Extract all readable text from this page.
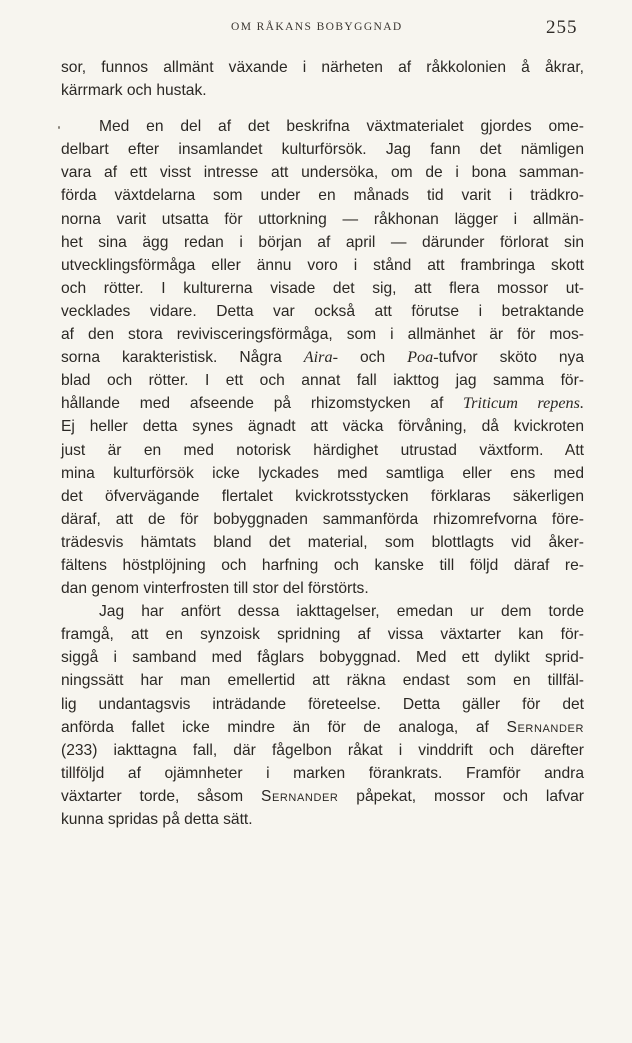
OM RÅKANS BOBYGGNAD	255

sor, funnos allmänt växande i närheten af råkkolonien å åkrar,
kärrmark och hustak.

Med en del af det beskrifna växtmaterialet gjordes ome-
delbart efter insamlandet kulturförsök. Jag fann det nämligen
vara af ett visst intresse att undersöka, om de i bona samman-
förda växtdelarna som under en månads tid varit i trädkro-
norna varit utsatta för uttorkning — råkhonan lägger i allmän-
het sina ägg redan i början af april — därunder förlorat sin
utvecklingsförmåga eller ännu voro i stånd att frambringa skott
och rötter. I kulturerna visade det sig, att flera mossor ut-
vecklades vidare. Detta var också att förutse i betraktande
af den stora revivisceringsförmåga, som i allmänhet är för mos-
sorna karakteristisk. Några Aira- och Poa-tufvor sköto nya
blad och rötter. I ett och annat fall iakttog jag samma för-
hållande med afseende på rhizomstycken af Triticum repens.
Ej heller detta synes ägnadt att väcka förvåning, då kvickroten
just är en med notorisk härdighet utrustad växtform. Att
mina kulturförsök icke lyckades med samtliga eller ens med
det öfvervägande flertalet kvickrotsstycken förklaras säkerligen
däraf, att de för bobyggnaden sammanförda rhizomrefvorna före-
trädesvis hämtats bland det material, som blottlagts vid åker-
fältens höstplöjning och harfning och kanske till följd däraf re-
dan genom vinterfrosten till stor del förstörts.

Jag har anfört dessa iakttagelser, emedan ur dem torde
framgå, att en synzoisk spridning af vissa växtarter kan för-
siggå i samband med fåglars bobyggnad. Med ett dylikt sprid-
ningssätt har man emellertid att räkna endast som en tillfäl-
lig undantagsvis inträdande företeelse. Detta gäller för det
anförda fallet icke mindre än för de analoga, af Sernander
(233) iakttagna fall, där fågelbon råkat i vinddrift och därefter
tillföljd af ojämnheter i marken förankrats. Framför andra
växtarter torde, såsom Sernander påpekat, mossor och lafvar
kunna spridas på detta sätt.
